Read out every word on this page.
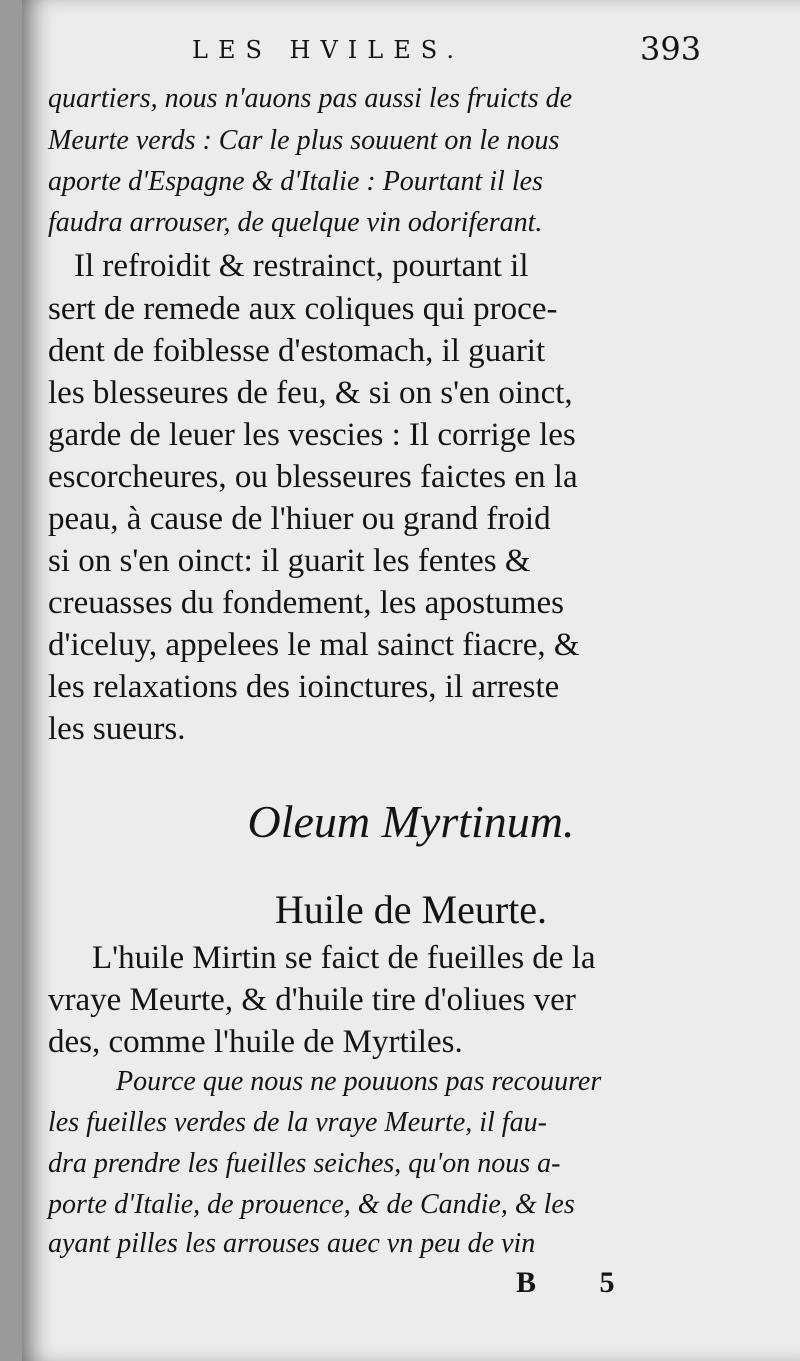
LES HVILES.	393
quartiers, nous n'auons pas aussi les fruicts de
Meurte verds : Car le plus souuent on le nous
aporte d'Espagne & d'Italie : Pourtant il les
faudra arrouser, de quelque vin odoriferant.
Il refroidit & restrainct, pourtant il
sert de remede aux coliques qui proce-
dent de foiblesse d'estomach, il guarit
les blesseures de feu, & si on s'en oinct,
garde de leuer les vescies : Il corrige les
escorcheures, ou blesseures faictes en la
peau, à cause de l'hiuer ou grand froid
si on s'en oinct: il guarit les fentes &
creuasses du fondement, les apostumes
d'iceluy, appelees le mal sainct fiacre, &
les relaxations des ioinctures, il arreste
les sueurs.
Oleum Myrtinum.
Huile de Meurte.
L'huile Mirtin se faict de fueilles de la
vraye Meurte, & d'huile tire d'oliues ver
des, comme l'huile de Myrtiles.
Pource que nous ne pouuons pas recouurer
les fueilles verdes de la vraye Meurte, il fau-
dra prendre les fueilles seiches, qu'on nous a-
porte d'Italie, de prouence, & de Candie, & les
ayant pilles les arrouses auec vn peu de vin
B 5
